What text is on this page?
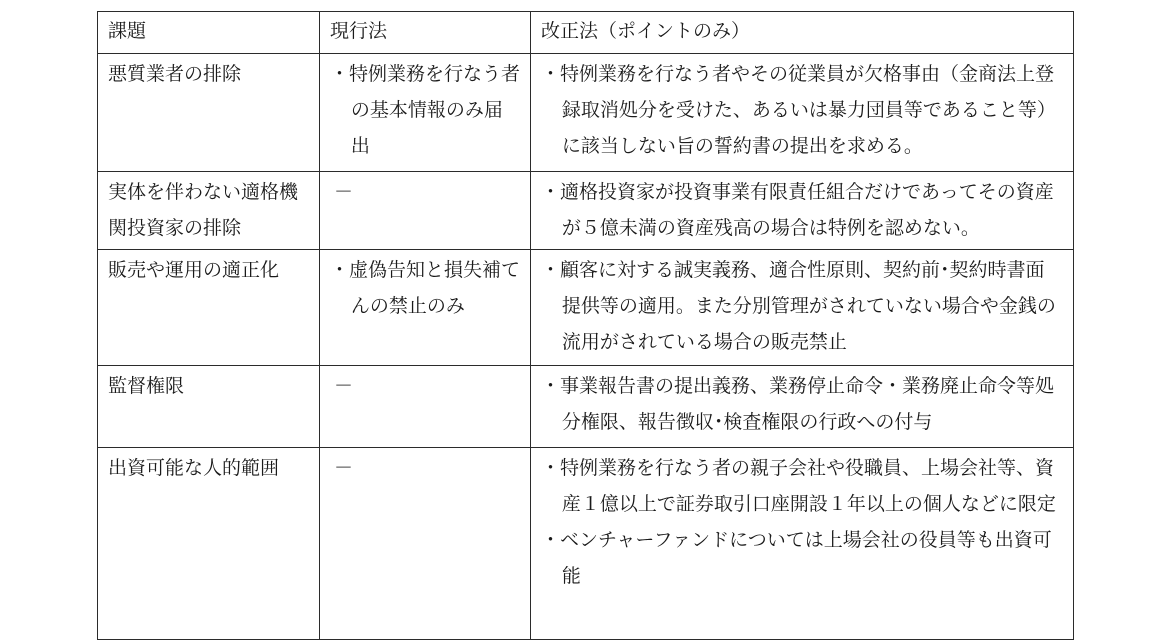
課題	現行法	改正法（ポイントのみ）
悪質業者の排除	・特例業務を行なう者の基本情報のみ届出	・特例業務を行なう者やその従業員が欠格事由（金商法上登録取消処分を受けた、あるいは暴力団員等であること等）に該当しない旨の誓約書の提出を求める。

実体を伴わない適格機関投資家の排除	－	・適格投資家が投資事業有限責任組合だけであってその資産が５億未満の資産残高の場合は特例を認めない。

販売や運用の適正化	・虚偽告知と損失補てんの禁止のみ	・顧客に対する誠実義務、適合性原則、契約前･契約時書面提供等の適用。また分別管理がされていない場合や金銭の流用がされている場合の販売禁止

監督権限	－	・事業報告書の提出義務、業務停止命令・業務廃止命令等処分権限、報告徴収･検査権限の行政への付与

出資可能な人的範囲	－	・特例業務を行なう者の親子会社や役職員、上場会社等、資産１億以上で証券取引口座開設１年以上の個人などに限定
・ベンチャーファンドについては上場会社の役員等も出資可能
